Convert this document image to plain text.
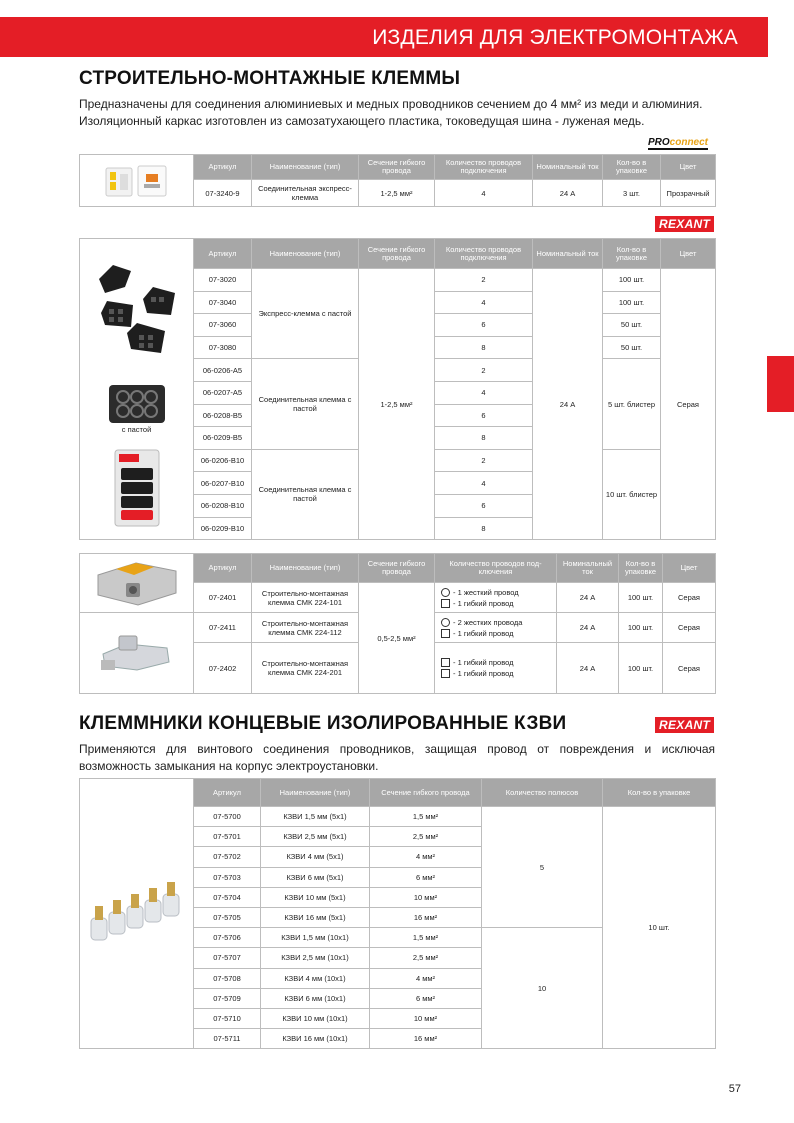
ИЗДЕЛИЯ ДЛЯ ЭЛЕКТРОМОНТАЖА
СТРОИТЕЛЬНО-МОНТАЖНЫЕ КЛЕММЫ
Предназначены для соединения алюминиевых и медных проводников сечением до 4 мм² из меди и алюминия.
Изоляционный каркас изготовлен из самозатухающего пластика, токоведущая шина - луженая медь.
PROconnect
	Артикул	Наименование (тип)	Сечение гибкого провода	Количество проводов подключения	Номинальный ток	Кол-во в упаковке	Цвет
	07-3240-9	Соединительная экспресс-клемма	1-2,5 мм²	4	24 А	3 шт.	Прозрачный
REXANT
с пастой	Артикул	Наименование (тип)	Сечение гибкого провода	Количество проводов подключения	Номинальный ток	Кол-во в упаковке	Цвет
	07-3020	Экспресс-клемма с пастой	1-2,5 мм²	2	24 А	100 шт.	Серая
	07-3040			4		100 шт.	
	07-3060			6		50 шт.	
	07-3080			8		50 шт.	
	06-0206-A5	Соединительная клемма с пастой		2		5 шт. блистер	
	06-0207-A5			4			
	06-0208-B5			6			
	06-0209-B5			8			
	06-0206-B10	Соединительная клемма с пастой		2		10 шт. блистер	
	06-0207-B10			4			
	06-0208-B10			6			
	06-0209-B10			8			
	Артикул	Наименование (тип)	Сечение гибкого провода	Количество проводов под-ключения	Номинальный ток	Кол-во в упаковке	Цвет
	07-2401	Строительно-монтажная клемма СМК 224-101	0,5-2,5 мм²	- 1 жесткий провод
- 1 гибкий провод	24 А	100 шт.	Серая

	07-2411	Строительно-монтажная клемма СМК 224-112		- 2 жестких провода
- 1 гибкий провод	24 А	100 шт.	Серая
	07-2402	Строительно-монтажная клемма СМК 224-201		- 1 гибкий провод
- 1 гибкий провод	24 А	100 шт.	Серая
КЛЕММНИКИ КОНЦЕВЫЕ ИЗОЛИРОВАННЫЕ КЗВИ	REXANT
Применяются для винтового соединения проводников, защищая провод от повреждения и исключая возможность замыкания на корпус электроустановки.
	Артикул	Наименование (тип)	Сечение гибкого провода	Количество полюсов	Кол-во в упаковке
	07-5700	КЗВИ 1,5 мм (5х1)	1,5 мм²	5	10 шт.
	07-5701	КЗВИ 2,5 мм (5х1)	2,5 мм²		
	07-5702	КЗВИ 4 мм (5х1)	4 мм²		
	07-5703	КЗВИ 6 мм (5х1)	6 мм²		
	07-5704	КЗВИ 10 мм (5х1)	10 мм²		
	07-5705	КЗВИ 16 мм (5х1)	16 мм²		
	07-5706	КЗВИ 1,5 мм (10х1)	1,5 мм²	10	
	07-5707	КЗВИ 2,5 мм (10х1)	2,5 мм²		
	07-5708	КЗВИ 4 мм (10х1)	4 мм²		
	07-5709	КЗВИ 6 мм (10х1)	6 мм²		
	07-5710	КЗВИ 10 мм (10х1)	10 мм²		
	07-5711	КЗВИ 16 мм (10х1)	16 мм²		
57
